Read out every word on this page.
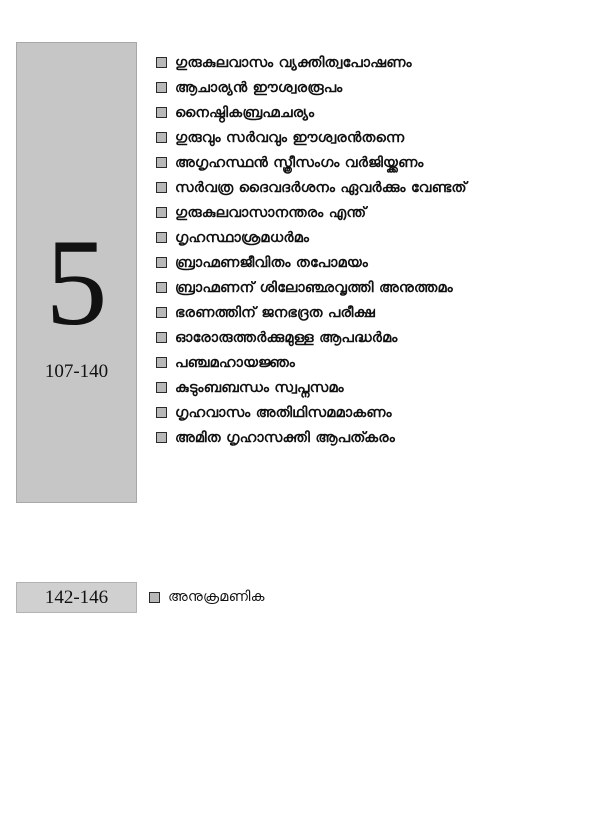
5
107-140
ഗുരുകുലവാസം വ്യക്തിത്വപോഷണം
ആചാര്യൻ ഈശ്വരരൂപം
നൈഷ്ഠികബ്രഹ്മചര്യം
ഗുരുവും സർവവും ഈശ്വരൻതന്നെ
അഗൃഹസ്ഥൻ സ്ത്രീസംഗം വർജിയ്ക്കണം
സർവത്ര ദൈവദർശനം ഏവർക്കും വേണ്ടത്
ഗുരുകുലവാസാനന്തരം എന്ത്
ഗൃഹസ്ഥാശ്രമധർമം
ബ്രാഹ്മണജീവിതം തപോമയം
ബ്രാഹ്മണന് ശിലോഞ്ഛവൃത്തി അനുത്തമം
ഭരണത്തിന് ജനഭദ്രത പരീക്ഷ
ഓരോരുത്തർക്കുമുള്ള ആപദ്ധർമം
പഞ്ചമഹായജ്ഞം
കുടുംബബന്ധം സ്വപ്നസമം
ഗൃഹവാസം അതിഥിസമമാകണം
അമിത ഗൃഹാസക്തി ആപത്കരം
142-146	അനുക്രമണിക
